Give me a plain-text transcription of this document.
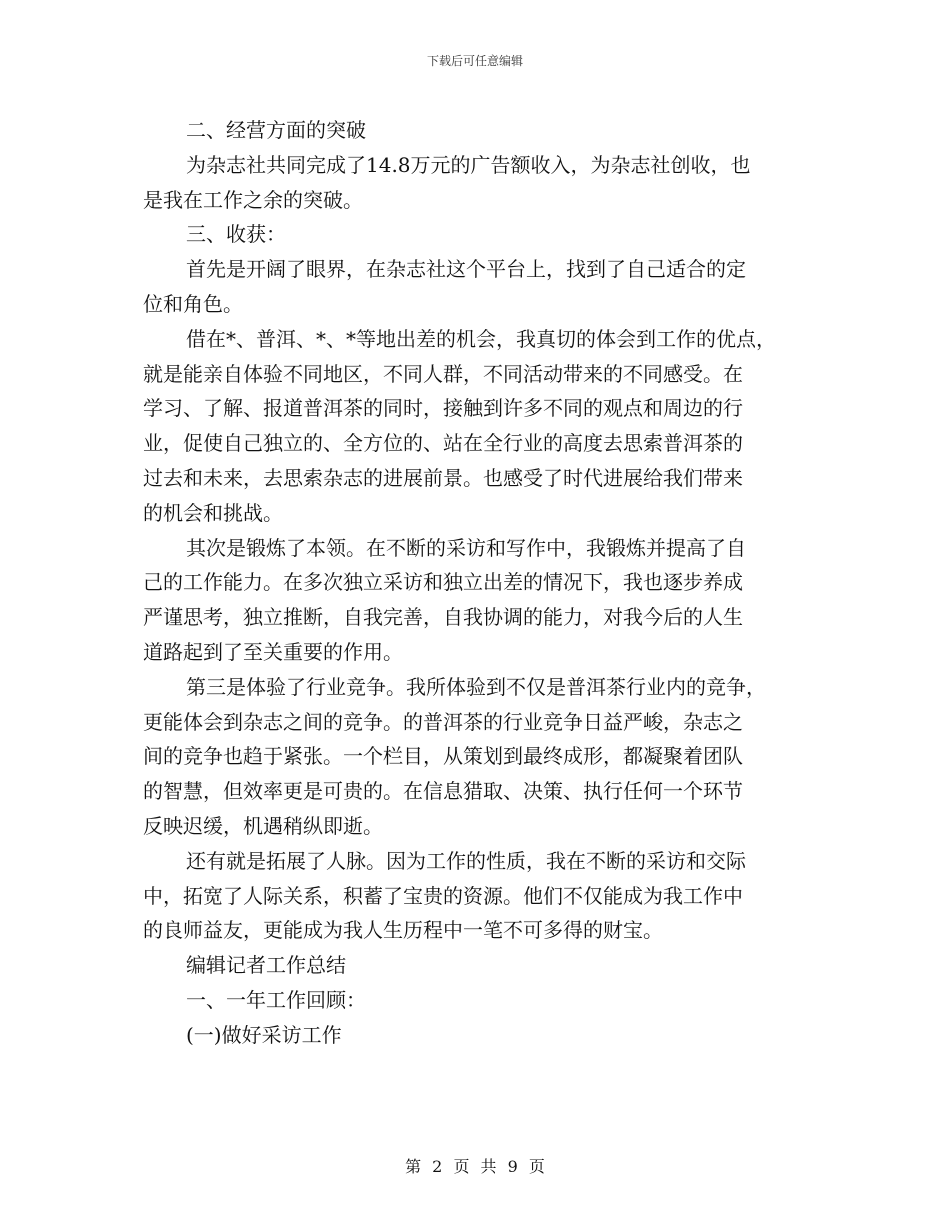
下载后可任意编辑
二、经营方面的突破
为杂志社共同完成了14.8万元的广告额收入，为杂志社创收，也
是我在工作之余的突破。
三、收获：
首先是开阔了眼界，在杂志社这个平台上，找到了自己适合的定
位和角色。
借在*、普洱、*、*等地出差的机会，我真切的体会到工作的优点，
就是能亲自体验不同地区，不同人群，不同活动带来的不同感受。在
学习、了解、报道普洱茶的同时，接触到许多不同的观点和周边的行
业，促使自己独立的、全方位的、站在全行业的高度去思索普洱茶的
过去和未来，去思索杂志的进展前景。也感受了时代进展给我们带来
的机会和挑战。
其次是锻炼了本领。在不断的采访和写作中，我锻炼并提高了自
己的工作能力。在多次独立采访和独立出差的情况下，我也逐步养成
严谨思考，独立推断，自我完善，自我协调的能力，对我今后的人生
道路起到了至关重要的作用。
第三是体验了行业竞争。我所体验到不仅是普洱茶行业内的竞争，
更能体会到杂志之间的竞争。的普洱茶的行业竞争日益严峻，杂志之
间的竞争也趋于紧张。一个栏目，从策划到最终成形，都凝聚着团队
的智慧，但效率更是可贵的。在信息猎取、决策、执行任何一个环节
反映迟缓，机遇稍纵即逝。
还有就是拓展了人脉。因为工作的性质，我在不断的采访和交际
中，拓宽了人际关系，积蓄了宝贵的资源。他们不仅能成为我工作中
的良师益友，更能成为我人生历程中一笔不可多得的财宝。
编辑记者工作总结
一、一年工作回顾：
(一)做好采访工作
第 2 页 共 9 页
